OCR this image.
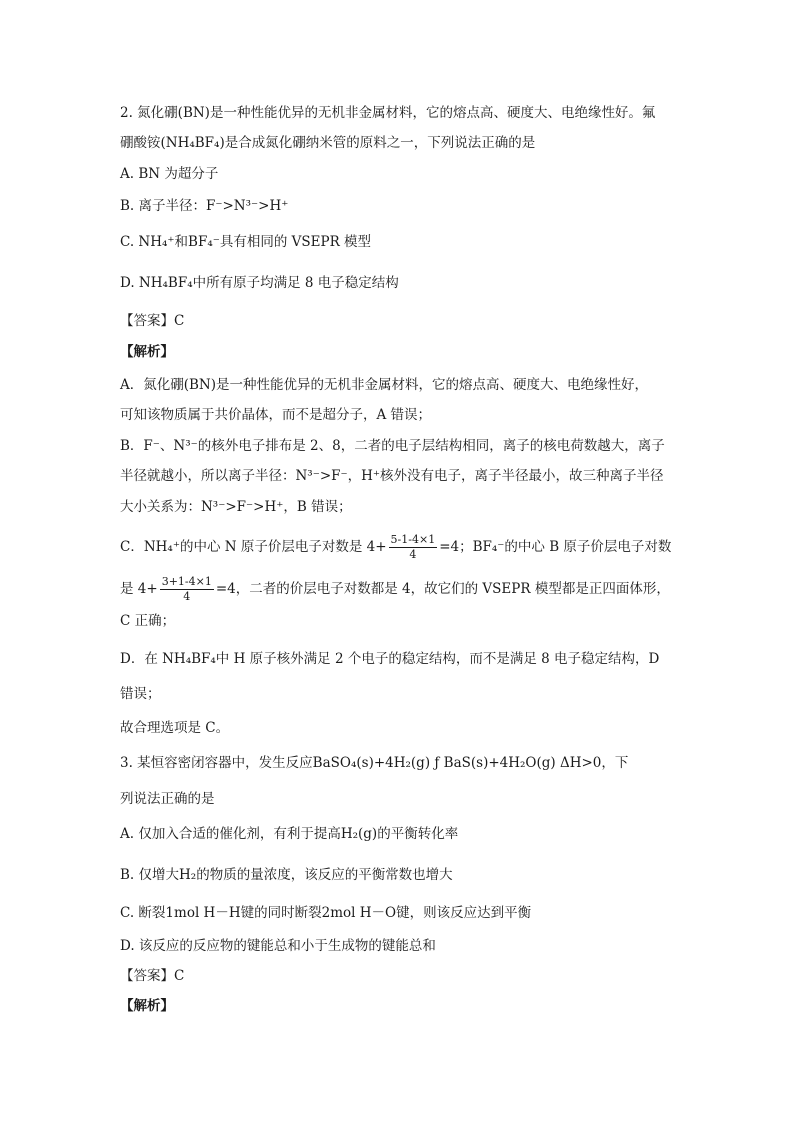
2. 氮化硼(BN)是一种性能优异的无机非金属材料，它的熔点高、硬度大、电绝缘性好。氟
硼酸铵(NH₄BF₄)是合成氮化硼纳米管的原料之一，下列说法正确的是
A. BN 为超分子
B. 离子半径：F⁻>N³⁻>H⁺
C. NH₄⁺和BF₄⁻具有相同的 VSEPR 模型
D. NH₄BF₄中所有原子均满足 8 电子稳定结构
【答案】C
【解析】
A．氮化硼(BN)是一种性能优异的无机非金属材料，它的熔点高、硬度大、电绝缘性好，
可知该物质属于共价晶体，而不是超分子，A 错误；
B．F⁻、N³⁻的核外电子排布是 2、8，二者的电子层结构相同，离子的核电荷数越大，离子
半径就越小，所以离子半径：N³⁻>F⁻，H⁺核外没有电子，离子半径最小，故三种离子半径
大小关系为：N³⁻>F⁻>H⁺，B 错误；
C．NH₄⁺的中心 N 原子价层电子对数是 $4+ \frac{5-1-4\times 1}{4} =4$；BF₄⁻的中心 B 原子价层电子对数
是 $4+ \frac{3+1-4\times 1}{4} =4$，二者的价层电子对数都是 4，故它们的 VSEPR 模型都是正四面体形，
C 正确；
D．在 NH₄BF₄中 H 原子核外满足 2 个电子的稳定结构，而不是满足 8 电子稳定结构，D
错误；
故合理选项是 C。
3. 某恒容密闭容器中，发生反应BaSO₄(s)+4H₂(g) ƒ BaS(s)+4H₂O(g) ΔH>0，下
列说法正确的是
A. 仅加入合适的催化剂，有利于提高H₂(g)的平衡转化率
B. 仅增大H₂的物质的量浓度，该反应的平衡常数也增大
C. 断裂1mol H－H键的同时断裂2mol H－O键，则该反应达到平衡
D. 该反应的反应物的键能总和小于生成物的键能总和
【答案】C
【解析】
